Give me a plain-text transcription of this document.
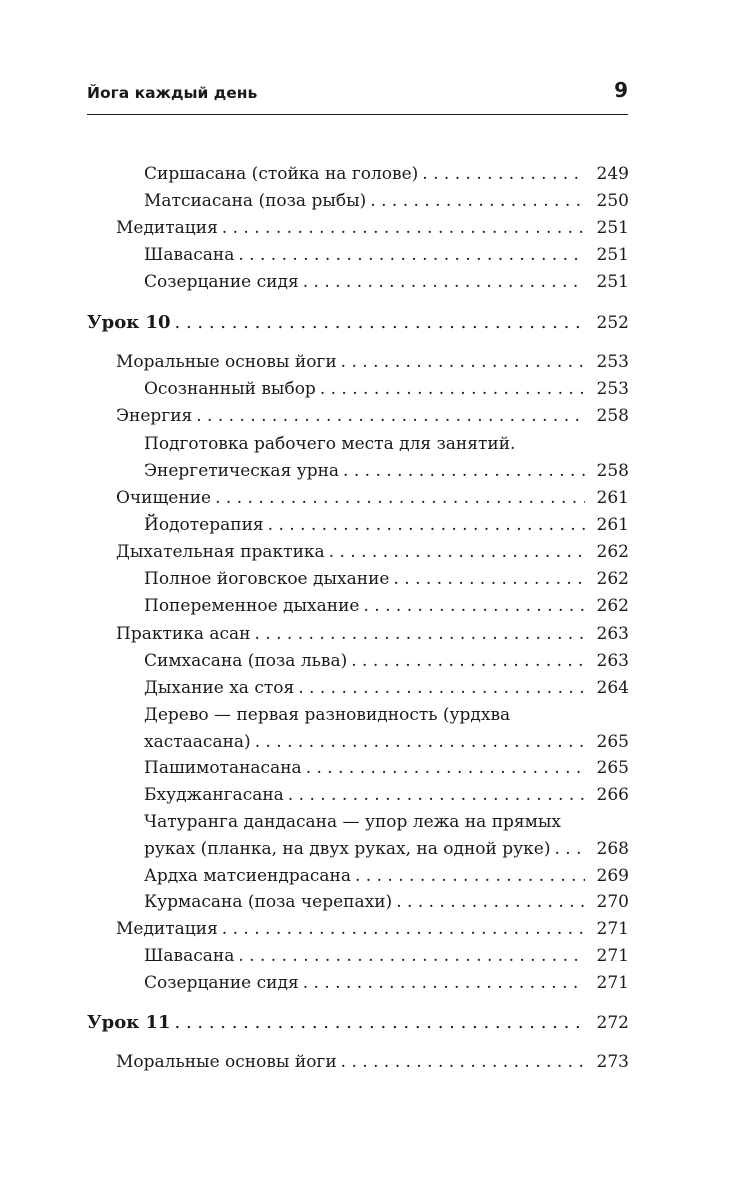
Йога каждый день	9
Сиршасана (стойка на голове) . . .	249
Матсиасана (поза рыбы) . . .	250
Медитация . . .	251
Шавасана . . .	251
Созерцание сидя . . .	251
Урок 10 . . .	252
Моральные основы йоги . . .	253
Осознанный выбор . . .	253
Энергия . . .	258
Подготовка рабочего места для занятий.
Энергетическая урна . . .	258
Очищение . . .	261
Йодотерапия . . .	261
Дыхательная практика . . .	262
Полное йоговское дыхание . . .	262
Попеременное дыхание . . .	262
Практика асан . . .	263
Симхасана (поза льва) . . .	263
Дыхание ха стоя . . .	264
Дерево — первая разновидность (урдхва
хастаасана) . . .	265
Пашимотанасана . . .	265
Бхуджангасана . . .	266
Чатуранга дандасана — упор лежа на прямых
руках (планка, на двух руках, на одной руке) . . .	268
Ардха матсиендрасана . . .	269
Курмасана (поза черепахи) . . .	270
Медитация . . .	271
Шавасана . . .	271
Созерцание сидя . . .	271
Урок 11 . . .	272
Моральные основы йоги . . .	273
